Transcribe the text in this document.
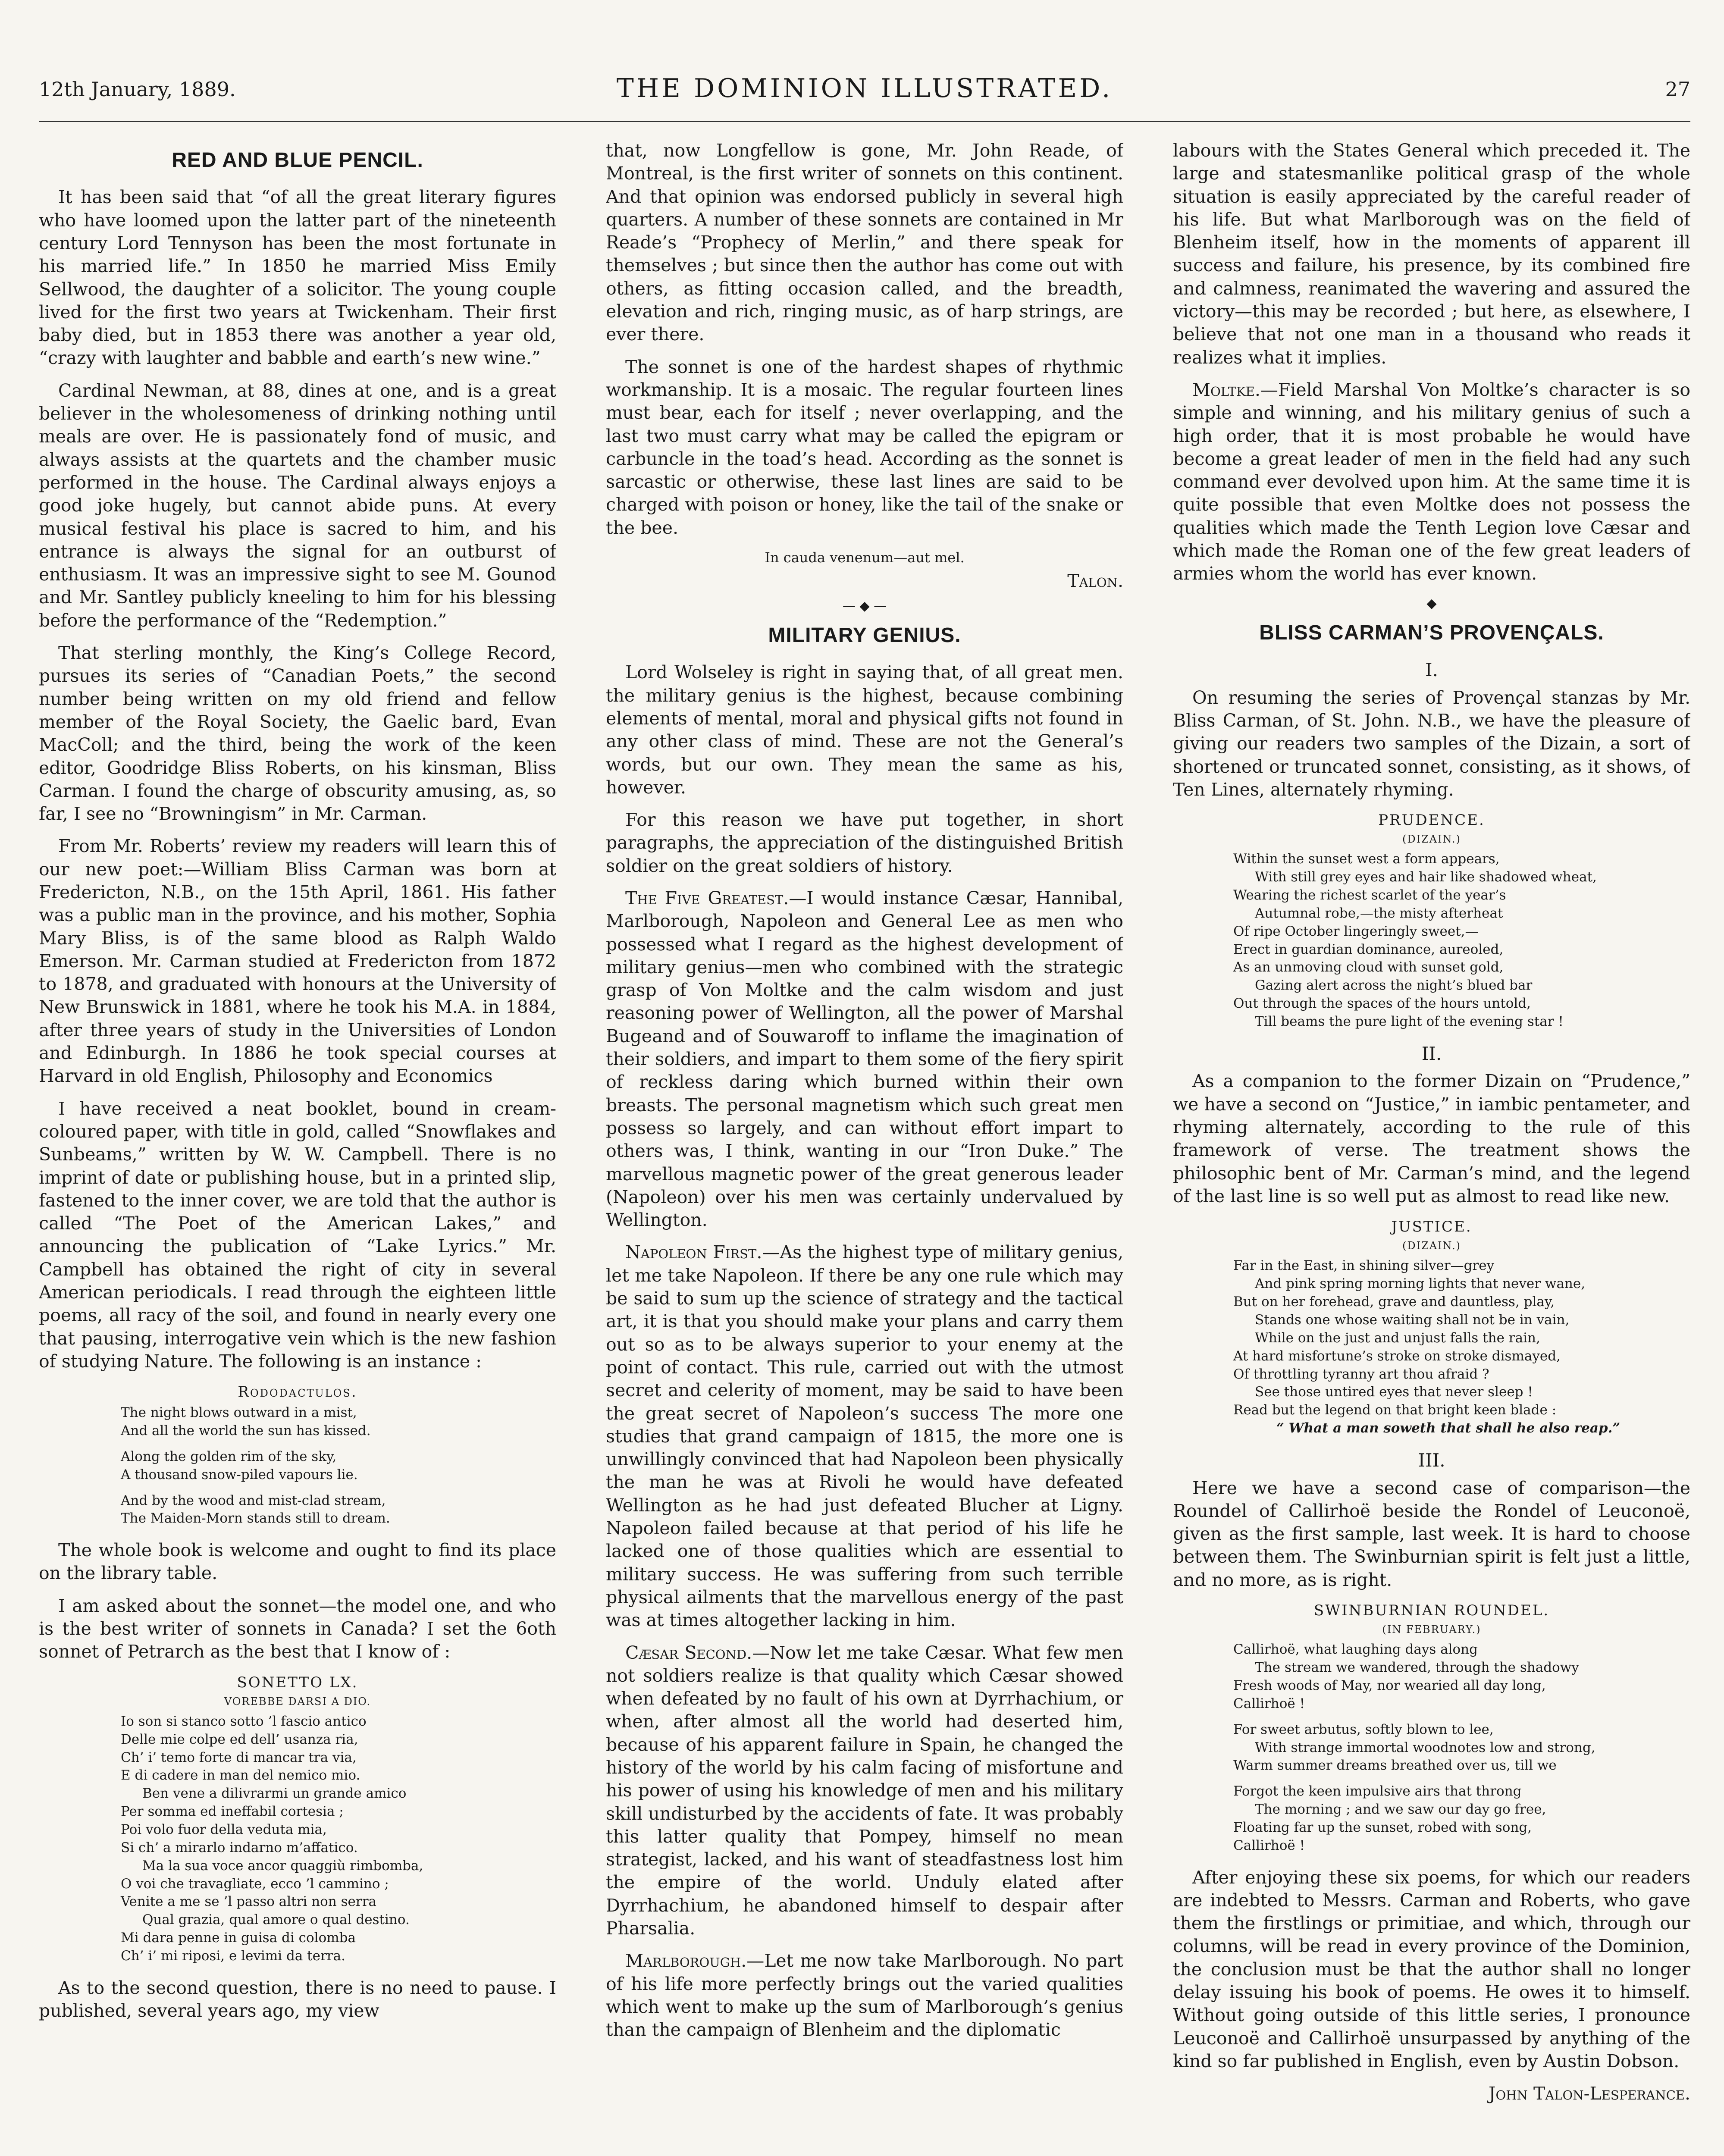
12th January, 1889.	THE DOMINION ILLUSTRATED.	27
RED AND BLUE PENCIL.

It has been said that “of all the great literary figures who have loomed upon the latter part of the nineteenth century Lord Tennyson has been the most fortunate in his married life.” In 1850 he married Miss Emily Sellwood, the daughter of a solicitor. The young couple lived for the first two years at Twickenham. Their first baby died, but in 1853 there was another a year old, “crazy with laughter and babble and earth’s new wine.”

Cardinal Newman, at 88, dines at one, and is a great believer in the wholesomeness of drinking nothing until meals are over. He is passionately fond of music, and always assists at the quartets and the chamber music performed in the house. The Cardinal always enjoys a good joke hugely, but cannot abide puns. At every musical festival his place is sacred to him, and his entrance is always the signal for an outburst of enthusiasm. It was an impressive sight to see M. Gounod and Mr. Santley publicly kneeling to him for his blessing before the performance of the “Redemption.”

That sterling monthly, the King’s College Record, pursues its series of “Canadian Poets,” the second number being written on my old friend and fellow member of the Royal Society, the Gaelic bard, Evan MacColl; and the third, being the work of the keen editor, Goodridge Bliss Roberts, on his kinsman, Bliss Carman. I found the charge of obscurity amusing, as, so far, I see no “Browningism” in Mr. Carman.

From Mr. Roberts’ review my readers will learn this of our new poet:—William Bliss Carman was born at Fredericton, N.B., on the 15th April, 1861. His father was a public man in the province, and his mother, Sophia Mary Bliss, is of the same blood as Ralph Waldo Emerson. Mr. Carman studied at Fredericton from 1872 to 1878, and graduated with honours at the University of New Brunswick in 1881, where he took his M.A. in 1884, after three years of study in the Universities of London and Edinburgh. In 1886 he took special courses at Harvard in old English, Philosophy and Economics

I have received a neat booklet, bound in cream-coloured paper, with title in gold, called “Snowflakes and Sunbeams,” written by W. W. Campbell. There is no imprint of date or publishing house, but in a printed slip, fastened to the inner cover, we are told that the author is called “The Poet of the American Lakes,” and announcing the publication of “Lake Lyrics.” Mr. Campbell has obtained the right of city in several American periodicals. I read through the eighteen little poems, all racy of the soil, and found in nearly every one that pausing, interrogative vein which is the new fashion of studying Nature. The following is an instance :

Rododactulos.
The night blows outward in a mist,
And all the world the sun has kissed.
Along the golden rim of the sky,
A thousand snow-piled vapours lie.
And by the wood and mist-clad stream,
The Maiden-Morn stands still to dream.

The whole book is welcome and ought to find its place on the library table.

I am asked about the sonnet—the model one, and who is the best writer of sonnets in Canada? I set the 6oth sonnet of Petrarch as the best that I know of :

SONETTO LX.
VOREBBE DARSI A DIO.
Io son si stanco sotto ’l fascio antico
Delle mie colpe ed dell’ usanza ria,
Ch’ i’ temo forte di mancar tra via,
E di cadere in man del nemico mio.
Ben vene a dilivrarmi un grande amico
Per somma ed ineffabil cortesia ;
Poi volo fuor della veduta mia,
Si ch’ a mirarlo indarno m’affatico.
Ma la sua voce ancor quaggiù rimbomba,
O voi che travagliate, ecco ’l cammino ;
Venite a me se ’l passo altri non serra
Qual grazia, qual amore o qual destino.
Mi dara penne in guisa di colomba
Ch’ i’ mi riposi, e levimi da terra.

As to the second question, there is no need to pause. I published, several years ago, my view

that, now Longfellow is gone, Mr. John Reade, of Montreal, is the first writer of sonnets on this continent. And that opinion was endorsed publicly in several high quarters. A number of these sonnets are contained in Mr Reade’s “Prophecy of Merlin,” and there speak for themselves ; but since then the author has come out with others, as fitting occasion called, and the breadth, elevation and rich, ringing music, as of harp strings, are ever there.

The sonnet is one of the hardest shapes of rhythmic workmanship. It is a mosaic. The regular fourteen lines must bear, each for itself ; never overlapping, and the last two must carry what may be called the epigram or carbuncle in the toad’s head. According as the sonnet is sarcastic or otherwise, these last lines are said to be charged with poison or honey, like the tail of the snake or the bee.

In cauda venenum—aut mel.
Talon.
— ◆ —
MILITARY GENIUS.

Lord Wolseley is right in saying that, of all great men. the military genius is the highest, because combining elements of mental, moral and physical gifts not found in any other class of mind. These are not the General’s words, but our own. They mean the same as his, however.

For this reason we have put together, in short paragraphs, the appreciation of the distinguished British soldier on the great soldiers of history.

The Five Greatest.—I would instance Cæsar, Hannibal, Marlborough, Napoleon and General Lee as men who possessed what I regard as the highest development of military genius—men who combined with the strategic grasp of Von Moltke and the calm wisdom and just reasoning power of Wellington, all the power of Marshal Bugeand and of Souwaroff to inflame the imagination of their soldiers, and impart to them some of the fiery spirit of reckless daring which burned within their own breasts. The personal magnetism which such great men possess so largely, and can without effort impart to others was, I think, wanting in our “Iron Duke.” The marvellous magnetic power of the great generous leader (Napoleon) over his men was certainly undervalued by Wellington.

Napoleon First.—As the highest type of military genius, let me take Napoleon. If there be any one rule which may be said to sum up the science of strategy and the tactical art, it is that you should make your plans and carry them out so as to be always superior to your enemy at the point of contact. This rule, carried out with the utmost secret and celerity of moment, may be said to have been the great secret of Napoleon’s success The more one studies that grand campaign of 1815, the more one is unwillingly convinced that had Napoleon been physically the man he was at Rivoli he would have defeated Wellington as he had just defeated Blucher at Ligny. Napoleon failed because at that period of his life he lacked one of those qualities which are essential to military success. He was suffering from such terrible physical ailments that the marvellous energy of the past was at times altogether lacking in him.

Cæsar Second.—Now let me take Cæsar. What few men not soldiers realize is that quality which Cæsar showed when defeated by no fault of his own at Dyrrhachium, or when, after almost all the world had deserted him, because of his apparent failure in Spain, he changed the history of the world by his calm facing of misfortune and his power of using his knowledge of men and his military skill undisturbed by the accidents of fate. It was probably this latter quality that Pompey, himself no mean strategist, lacked, and his want of steadfastness lost him the empire of the world. Unduly elated after Dyrrhachium, he abandoned himself to despair after Pharsalia.

Marlborough.—Let me now take Marlborough. No part of his life more perfectly brings out the varied qualities which went to make up the sum of Marlborough’s genius than the campaign of Blenheim and the diplomatic

labours with the States General which preceded it. The large and statesmanlike political grasp of the whole situation is easily appreciated by the careful reader of his life. But what Marlborough was on the field of Blenheim itself, how in the moments of apparent ill success and failure, his presence, by its combined fire and calmness, reanimated the wavering and assured the victory—this may be recorded ; but here, as elsewhere, I believe that not one man in a thousand who reads it realizes what it implies.

Moltke.—Field Marshal Von Moltke’s character is so simple and winning, and his military genius of such a high order, that it is most probable he would have become a great leader of men in the field had any such command ever devolved upon him. At the same time it is quite possible that even Moltke does not possess the qualities which made the Tenth Legion love Cæsar and which made the Roman one of the few great leaders of armies whom the world has ever known.

◆
BLISS CARMAN’S PROVENÇALS.
I.

On resuming the series of Provençal stanzas by Mr. Bliss Carman, of St. John. N.B., we have the pleasure of giving our readers two samples of the Dizain, a sort of shortened or truncated sonnet, consisting, as it shows, of Ten Lines, alternately rhyming.

PRUDENCE.
(DIZAIN.)
Within the sunset west a form appears,
With still grey eyes and hair like shadowed wheat,
Wearing the richest scarlet of the year’s
Autumnal robe,—the misty afterheat
Of ripe October lingeringly sweet,—
Erect in guardian dominance, aureoled,
As an unmoving cloud with sunset gold,
Gazing alert across the night’s blued bar
Out through the spaces of the hours untold,
Till beams the pure light of the evening star !
II.

As a companion to the former Dizain on “Prudence,” we have a second on “Justice,” in iambic pentameter, and rhyming alternately, according to the rule of this framework of verse. The treatment shows the philosophic bent of Mr. Carman’s mind, and the legend of the last line is so well put as almost to read like new.

JUSTICE.
(DIZAIN.)
Far in the East, in shining silver—grey
And pink spring morning lights that never wane,
But on her forehead, grave and dauntless, play,
Stands one whose waiting shall not be in vain,
While on the just and unjust falls the rain,
At hard misfortune’s stroke on stroke dismayed,
Of throttling tyranny art thou afraid ?
See those untired eyes that never sleep !
Read but the legend on that bright keen blade :
“ What a man soweth that shall he also reap.”
III.

Here we have a second case of comparison—the Roundel of Callirhoë beside the Rondel of Leuconoë, given as the first sample, last week. It is hard to choose between them. The Swinburnian spirit is felt just a little, and no more, as is right.

SWINBURNIAN ROUNDEL.
(IN FEBRUARY.)
Callirhoë, what laughing days along
The stream we wandered, through the shadowy
Fresh woods of May, nor wearied all day long,
Callirhoë !
For sweet arbutus, softly blown to lee,
With strange immortal woodnotes low and strong,
Warm summer dreams breathed over us, till we
Forgot the keen impulsive airs that throng
The morning ; and we saw our day go free,
Floating far up the sunset, robed with song,
Callirhoë !

After enjoying these six poems, for which our readers are indebted to Messrs. Carman and Roberts, who gave them the firstlings or primitiae, and which, through our columns, will be read in every province of the Dominion, the conclusion must be that the author shall no longer delay issuing his book of poems. He owes it to himself. Without going outside of this little series, I pronounce Leuconoë and Callirhoë unsurpassed by anything of the kind so far published in English, even by Austin Dobson.

John Talon-Lesperance.
